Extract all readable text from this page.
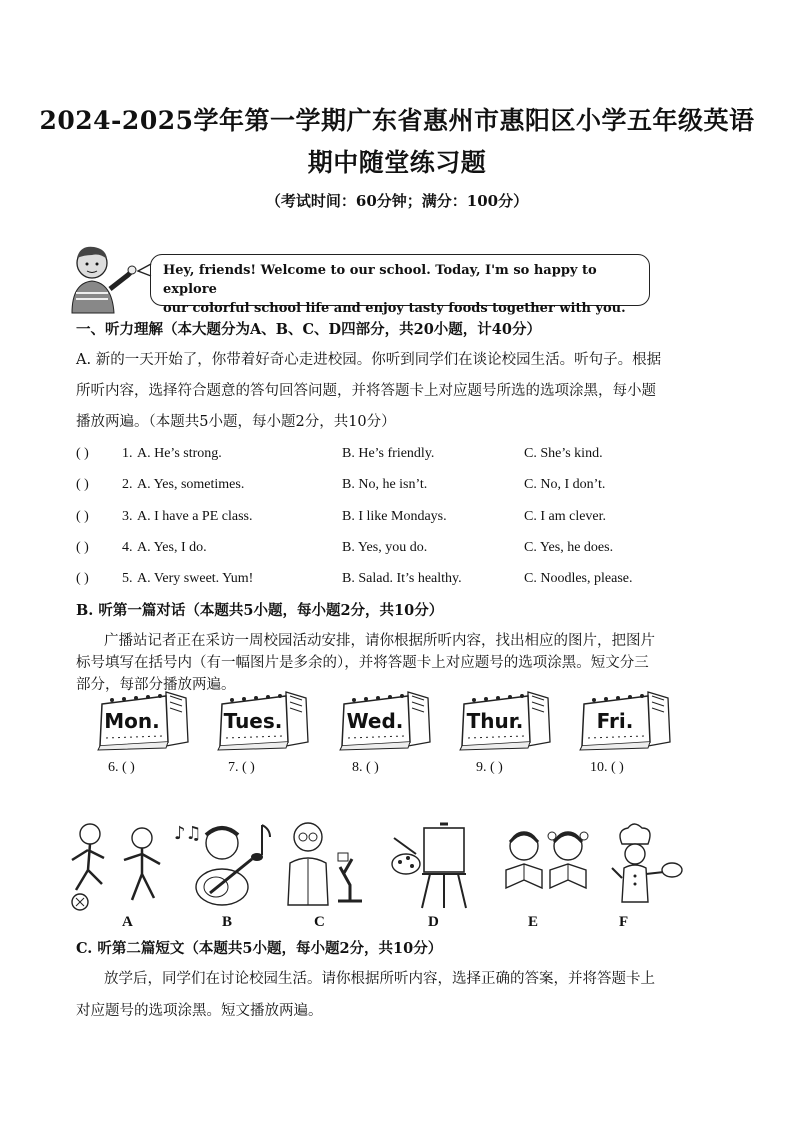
2024-2025学年第一学期广东省惠州市惠阳区小学五年级英语
期中随堂练习题
（考试时间：60分钟；满分：100分）
Hey, friends! Welcome to our school. Today, I'm so happy to explore
our colorful school life and enjoy tasty foods together with you.
一、听力理解（本大题分为A、B、C、D四部分，共20小题，计40分）
A. 新的一天开始了，你带着好奇心走进校园。你听到同学们在谈论校园生活。听句子。根据
所听内容，选择符合题意的答句回答问题，并将答题卡上对应题号所选的选项涂黑，每小题
播放两遍。（本题共5小题，每小题2分，共10分）
( ) 1. A. He’s strong.	B. He’s friendly.	C. She’s kind.
( ) 2. A. Yes, sometimes.	B. No, he isn’t.	C. No, I don’t.
( ) 3. A. I have a PE class.	B. I like Mondays.	C. I am clever.
( ) 4. A. Yes, I do.	B. Yes, you do.	C. Yes, he does.
( ) 5. A. Very sweet. Yum!	B. Salad. It’s healthy.	C. Noodles, please.
B. 听第一篇对话（本题共5小题，每小题2分，共10分）
广播站记者正在采访一周校园活动安排，请你根据所听内容，找出相应的图片，把图片
标号填写在括号内（有一幅图片是多余的），并将答题卡上对应题号的选项涂黑。短文分三
部分，每部分播放两遍。
Mon.
6. ( )
Tues.
7. ( )
Wed.
8. ( )
Thur.
9. ( )
Fri.
10. ( )
♪♫
A	B	C	D	E	F
C. 听第二篇短文（本题共5小题，每小题2分，共10分）
放学后，同学们在讨论校园生活。请你根据所听内容，选择正确的答案，并将答题卡上
对应题号的选项涂黑。短文播放两遍。
